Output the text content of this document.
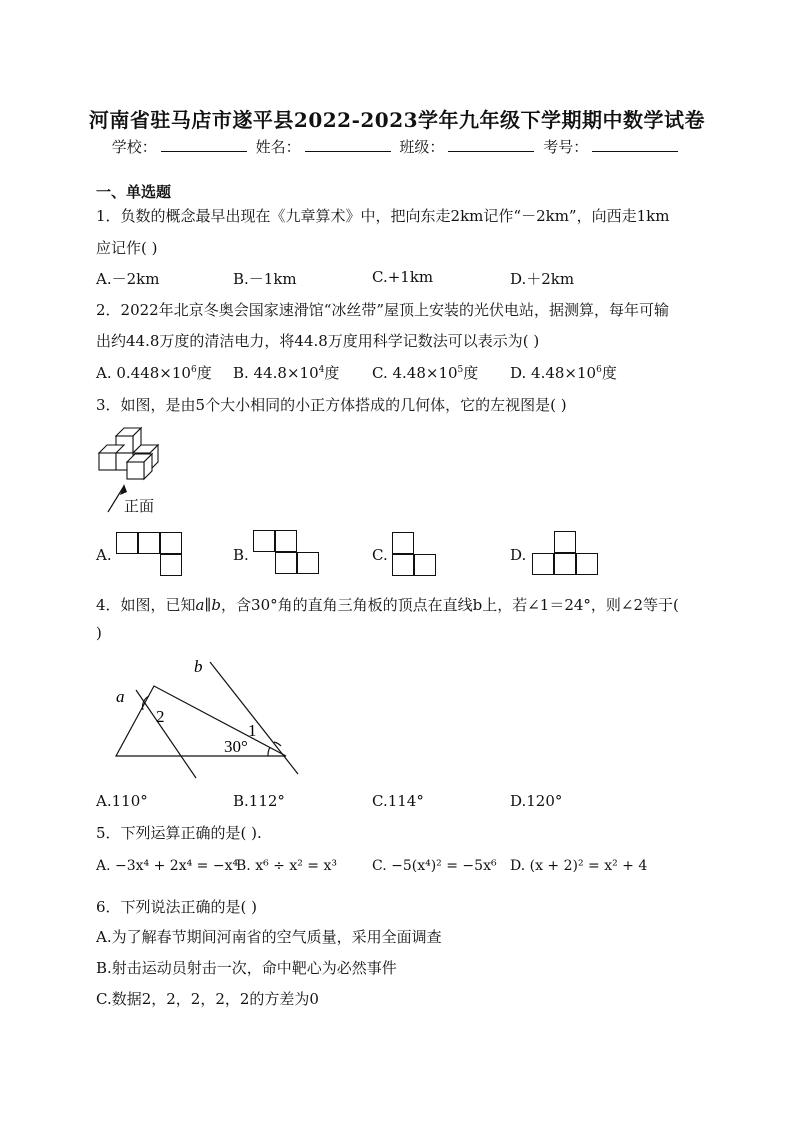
河南省驻马店市遂平县2022-2023学年九年级下学期期中数学试卷
学校：	姓名：	班级：	考号：
一、单选题
1．负数的概念最早出现在《九章算术》中，把向东走2km记作“－2km”，向西走1km
应记作( )
A.－2km	B.－1km	C.+1km	D.＋2km
2．2022年北京冬奥会国家速滑馆“冰丝带”屋顶上安装的光伏电站，据测算，每年可输
出约44.8万度的清洁电力，将44.8万度用科学记数法可以表示为( )
A. $0.448\times 10^6$度 B. $44.8\times 10^4$度 C. $4.48\times 10^5$度 D. $4.48\times 10^6$度
3．如图，是由5个大小相同的小正方体搭成的几何体，它的左视图是( )
正面
A.	B.	C.	D.
4．如图，已知a∥b，含30°角的直角三角板的顶点在直线b上，若∠1＝24°，则∠2等于(
)
a
b
2
1
30°
A.110°	B.112°	C.114°	D.120°
5．下列运算正确的是( ).
A. −3x⁴ + 2x⁴ = −x⁴
B. x⁶ ÷ x² = x³	C. −5(x⁴)² = −5x⁶ D. (x + 2)² = x² + 4
6．下列说法正确的是( )
A.为了解春节期间河南省的空气质量，采用全面调查
B.射击运动员射击一次，命中靶心为必然事件
C.数据2，2，2，2，2的方差为0
